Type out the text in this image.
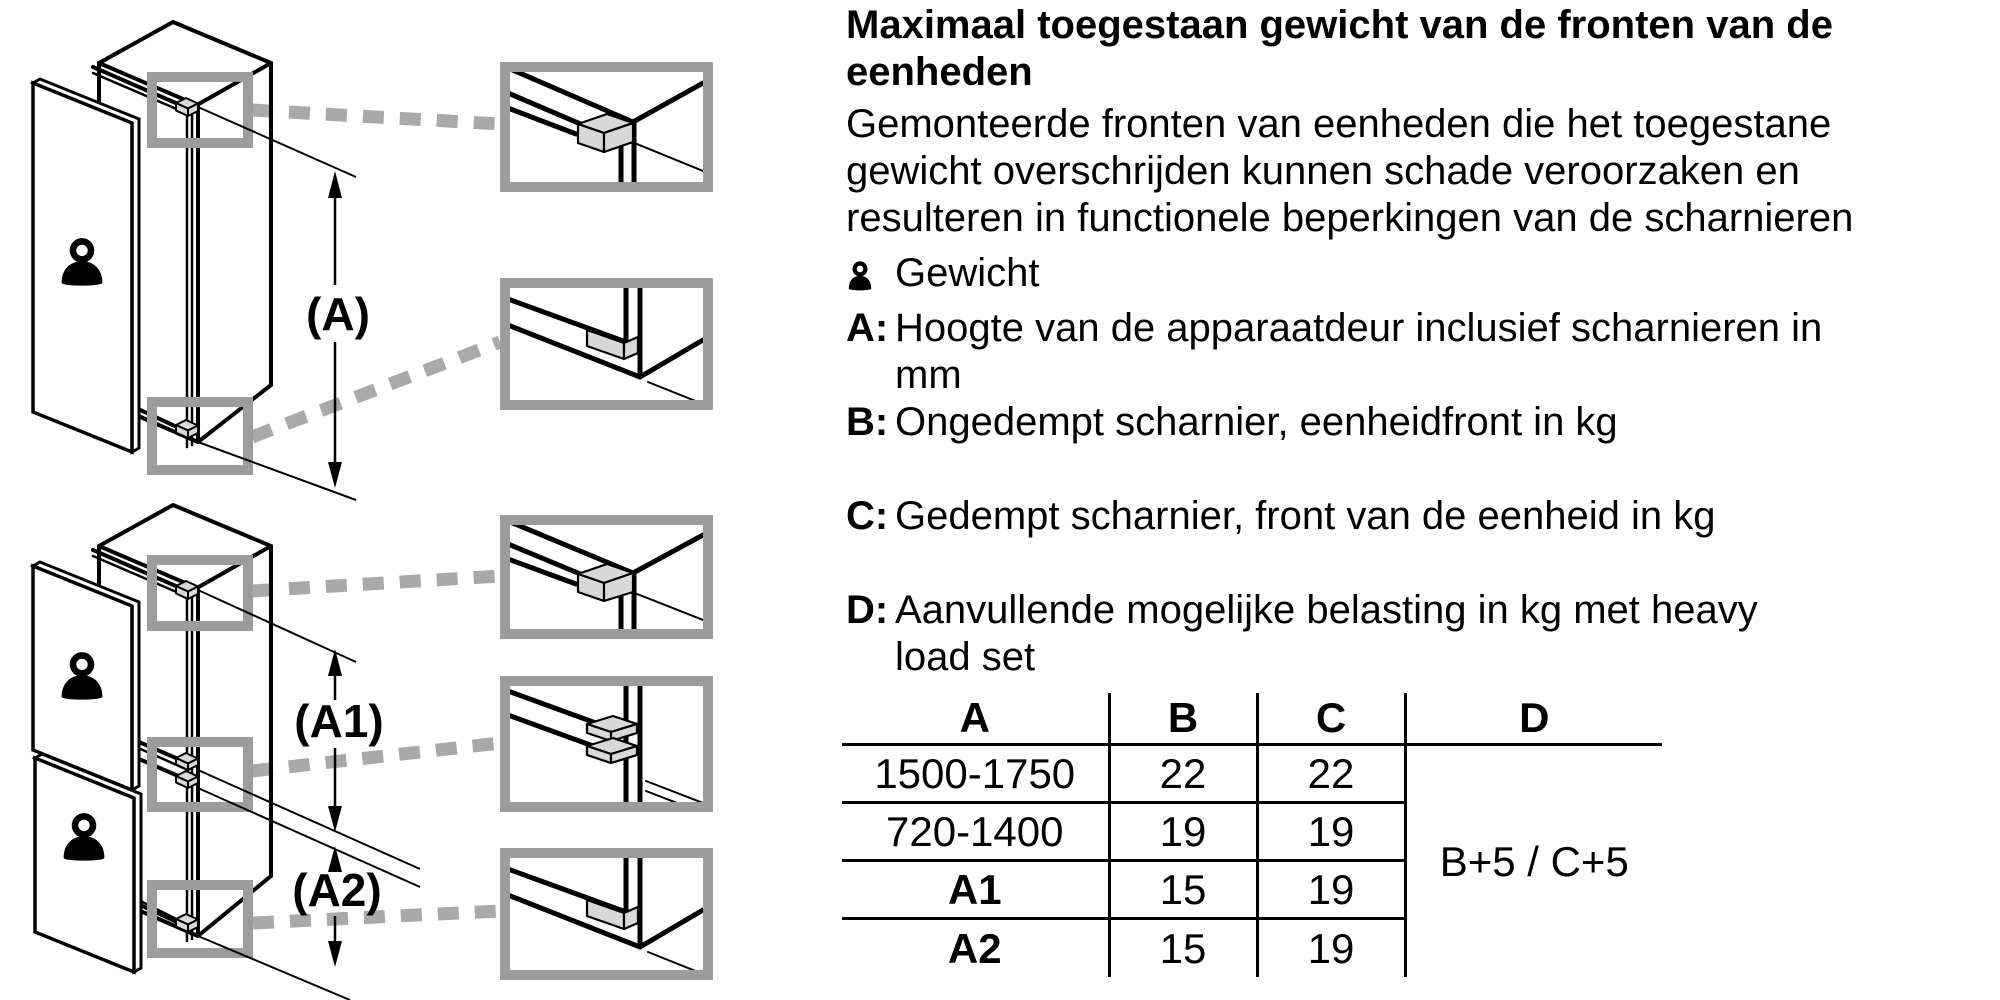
(A)
(A1)
(A2)
Maximaal toegestaan gewicht van de fronten van de
eenheden
Gemonteerde fronten van eenheden die het toegestane
gewicht overschrijden kunnen schade veroorzaken en
resulteren in functionele beperkingen van de scharnieren
Gewicht
A: Hoogte van de apparaatdeur inclusief scharnieren in
mm
B: Ongedempt scharnier, eenheidfront in kg
C: Gedempt scharnier, front van de eenheid in kg
D: Aanvullende mogelijke belasting in kg met heavy
load set
A	B	C	D
1500-1750	22	22	B+5 / C+5
720-1400	19	19	
A1	15	19	
A2	15	19	
